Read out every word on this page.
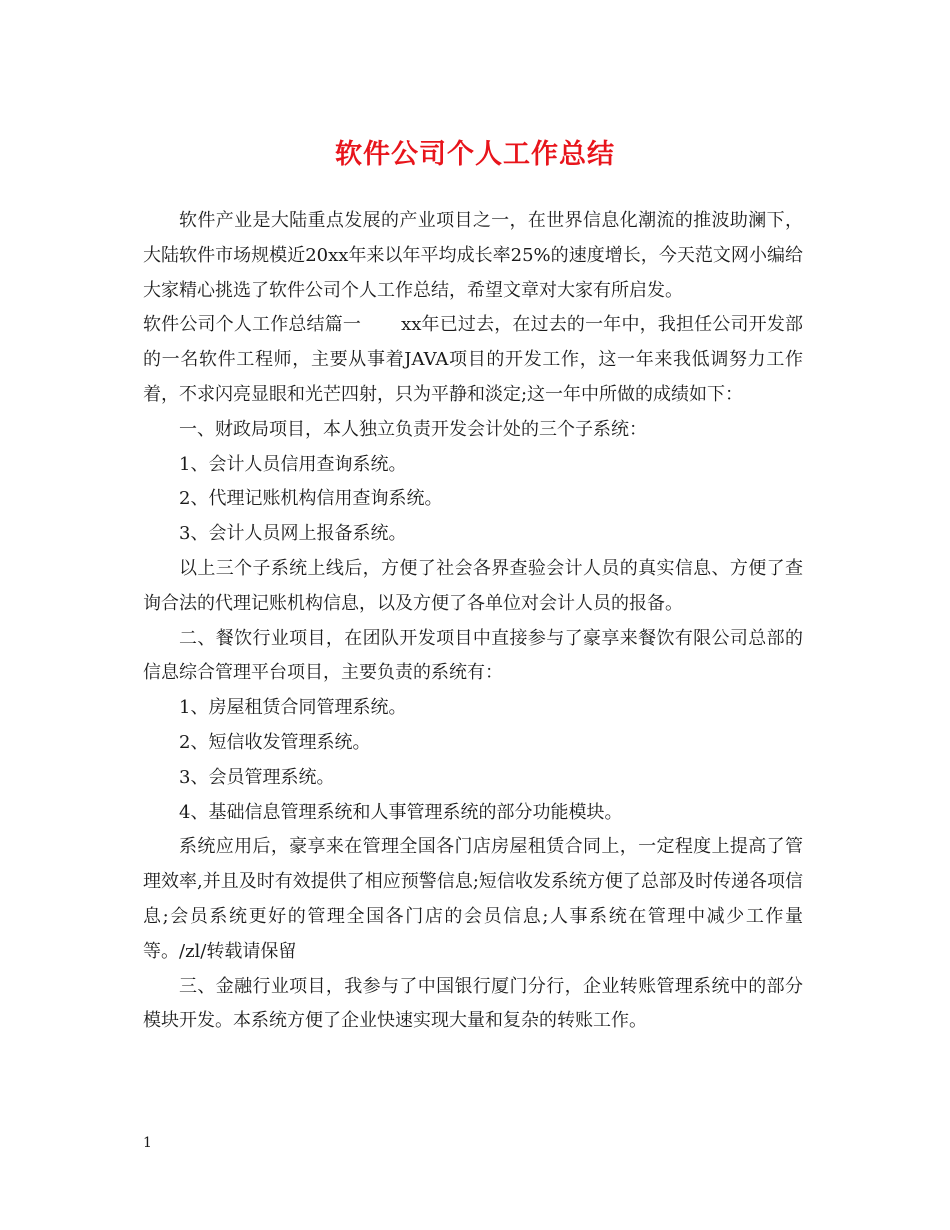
软件公司个人工作总结

软件产业是大陆重点发展的产业项目之一，在世界信息化潮流的推波助澜下，大陆软件市场规模近20xx年来以年平均成长率25%的速度增长，今天范文网小编给大家精心挑选了软件公司个人工作总结，希望文章对大家有所启发。

软件公司个人工作总结篇一 xx年已过去，在过去的一年中，我担任公司开发部的一名软件工程师，主要从事着JAVA项目的开发工作，这一年来我低调努力工作着，不求闪亮显眼和光芒四射，只为平静和淡定;这一年中所做的成绩如下：

一、财政局项目，本人独立负责开发会计处的三个子系统：

1、会计人员信用查询系统。

2、代理记账机构信用查询系统。

3、会计人员网上报备系统。

以上三个子系统上线后，方便了社会各界查验会计人员的真实信息、方便了查询合法的代理记账机构信息，以及方便了各单位对会计人员的报备。

二、餐饮行业项目，在团队开发项目中直接参与了豪享来餐饮有限公司总部的信息综合管理平台项目，主要负责的系统有：

1、房屋租赁合同管理系统。

2、短信收发管理系统。

3、会员管理系统。

4、基础信息管理系统和人事管理系统的部分功能模块。

系统应用后，豪享来在管理全国各门店房屋租赁合同上，一定程度上提高了管理效率,并且及时有效提供了相应预警信息;短信收发系统方便了总部及时传递各项信息;会员系统更好的管理全国各门店的会员信息;人事系统在管理中减少工作量等。/zl/转载请保留

三、金融行业项目，我参与了中国银行厦门分行，企业转账管理系统中的部分模块开发。本系统方便了企业快速实现大量和复杂的转账工作。

1
